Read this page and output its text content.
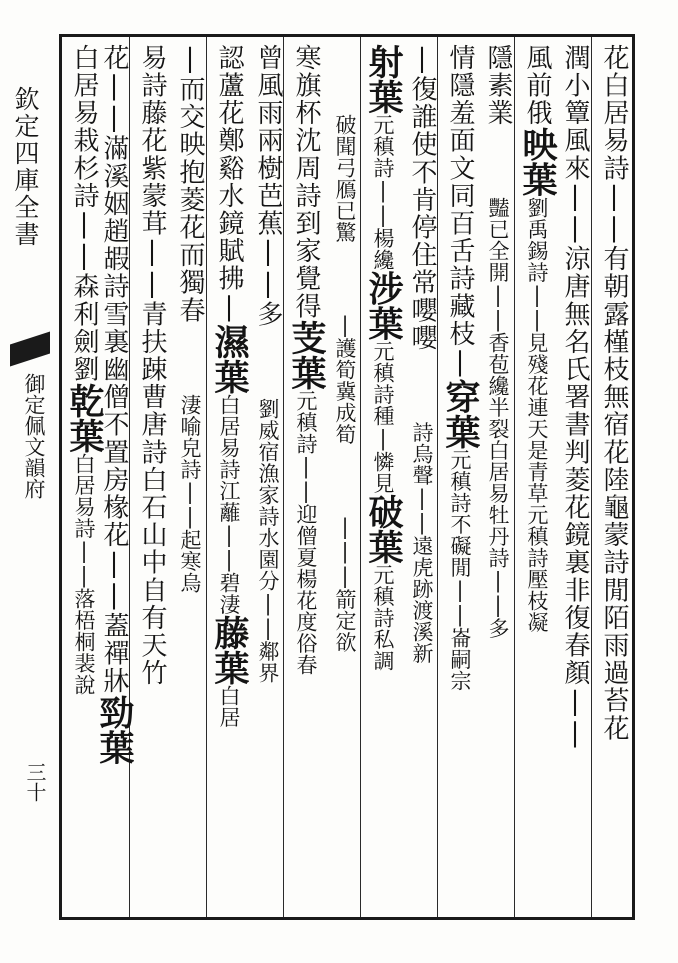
欽定四庫全書
御定佩文韻府
三十
花白居易詩||有朝露槿枝無宿花陸龜蒙詩閒陌雨過苔花
潤小簟風來||涼唐無名氏署書判菱花鏡裏非復春顏||
風前俄映葉劉禹錫詩||見殘花連天是青草元稹詩壓枝凝
隱素業豔已全開||香苞纔半裂白居易牡丹詩||多
情隱羞面文同百舌詩藏枝|穿葉元稹詩不礙閒||崙嗣宗
|復誰使不肯停住常嚶嚶詩烏聲||遠虎跡渡溪新
射葉元稹詩||楊纔涉葉元稹詩種|憐見破葉元稹詩私調
破聞弓鴈已驚|護筍冀成筍|||箭定欲
寒旗杯沈周詩到家覺得芰葉元稹詩||迎僧夏楊花度俗春
曾風雨兩樹芭蕉||多劉威宿漁家詩水園分||鄰界
認蘆花鄭谿水鏡賦拂|濕葉白居易詩江蘺||碧淒藤葉白居
|而交映抱菱花而獨春淒喻皃詩||起寒烏
易詩藤花紫蒙茸||青扶踈曹唐詩白石山中自有天竹
花||滿溪姻趙嘏詩雪裏幽僧不置房椽花||蓋禪牀勁葉
白居易栽杉詩||森利劍劉乾葉白居易詩||落梧桐裴說
